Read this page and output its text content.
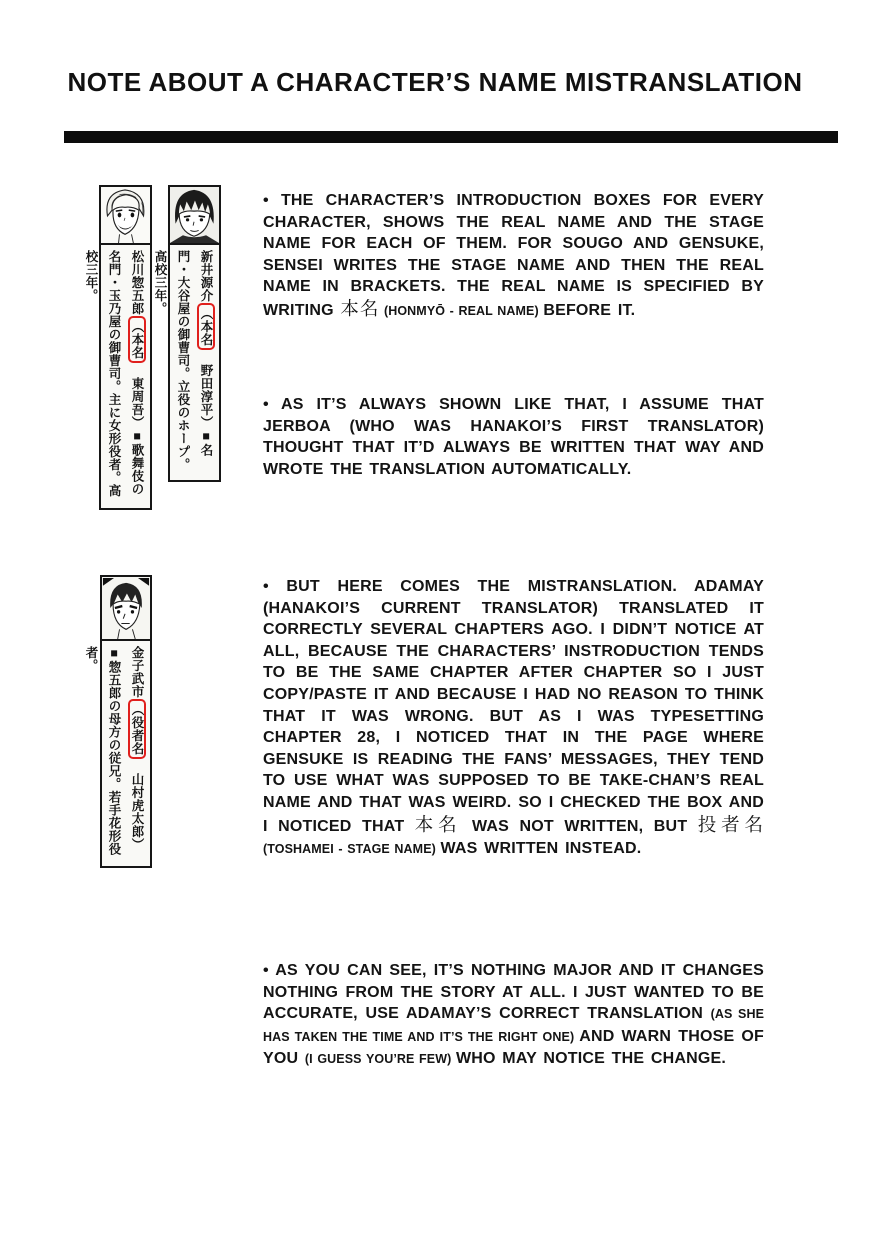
NOTE ABOUT A CHARACTER’S NAME MISTRANSLATION
松川惣五郎（本名　東周吾）■歌舞伎の名門・玉乃屋の御曹司。主に女形役者。高校三年。	新井源介（本名　野田淳平）■名門・大谷屋の御曹司。立役のホープ。高校三年。
金子武市（役者名　山村虎太郎）■惣五郎の母方の従兄。若手花形役者。
• THE CHARACTER’S INTRODUCTION BOXES FOR EVERY CHARACTER, SHOWS THE REAL NAME AND THE STAGE NAME FOR EACH OF THEM. FOR SOUGO AND GENSUKE, SENSEI WRITES THE STAGE NAME AND THEN THE REAL NAME IN BRACKETS. THE REAL NAME IS SPECIFIED BY WRITING 本名 (HONMYŌ - REAL NAME) BEFORE IT.
• AS IT’S ALWAYS SHOWN LIKE THAT, I ASSUME THAT JERBOA (WHO WAS HANAKOI’S FIRST TRANSLATOR) THOUGHT THAT IT’D ALWAYS BE WRITTEN THAT WAY AND WROTE THE TRANSLATION AUTOMATICALLY.
• BUT HERE COMES THE MISTRANSLATION. ADAMAY (HANAKOI’S CURRENT TRANSLATOR) TRANSLATED IT CORRECTLY SEVERAL CHAPTERS AGO. I DIDN’T NOTICE AT ALL, BECAUSE THE CHARACTERS’ INSTRODUCTION TENDS TO BE THE SAME CHAPTER AFTER CHAPTER SO I JUST COPY/PASTE IT AND BECAUSE I HAD NO REASON TO THINK THAT IT WAS WRONG. BUT AS I WAS TYPESETTING CHAPTER 28, I NOTICED THAT IN THE PAGE WHERE GENSUKE IS READING THE FANS’ MESSAGES, THEY TEND TO USE WHAT WAS SUPPOSED TO BE TAKE-CHAN’S REAL NAME AND THAT WAS WEIRD. SO I CHECKED THE BOX AND I NOTICED THAT 本名 WAS NOT WRITTEN, BUT 投者名 (TOSHAMEI - STAGE NAME) WAS WRITTEN INSTEAD.
• AS YOU CAN SEE, IT’S NOTHING MAJOR AND IT CHANGES NOTHING FROM THE STORY AT ALL. I JUST WANTED TO BE ACCURATE, USE ADAMAY’S CORRECT TRANSLATION (AS SHE HAS TAKEN THE TIME AND IT’S THE RIGHT ONE) AND WARN THOSE OF YOU (I GUESS YOU’RE FEW) WHO MAY NOTICE THE CHANGE.
